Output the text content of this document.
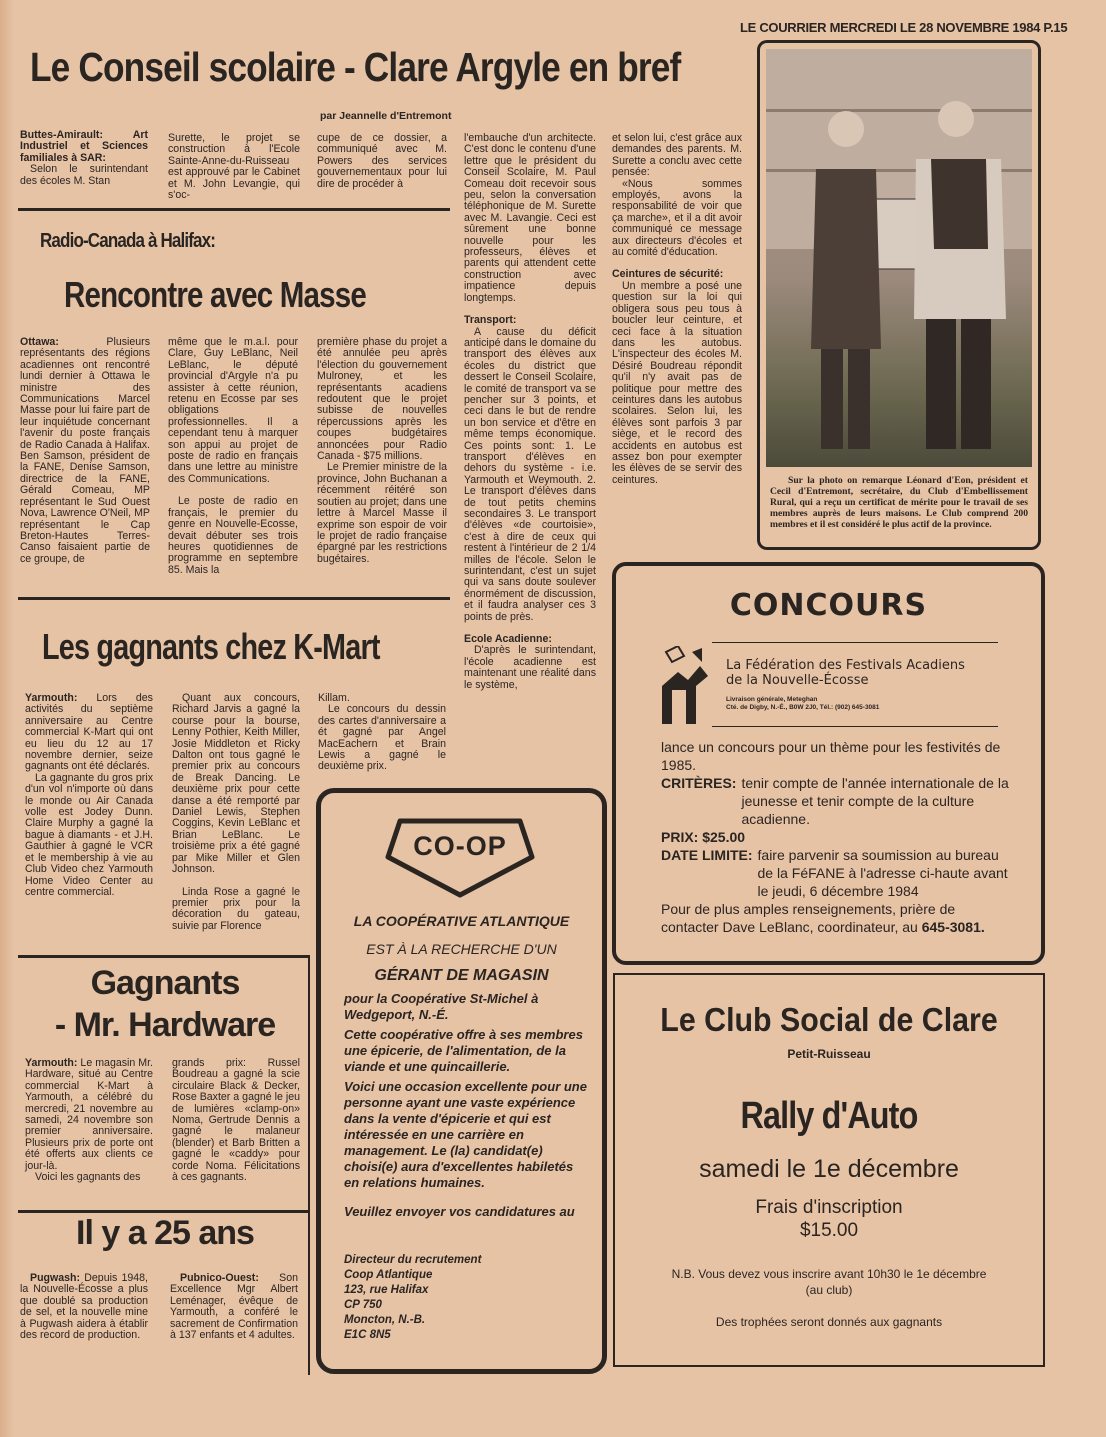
LE COURRIER MERCREDI LE 28 NOVEMBRE 1984 P.15
Le Conseil scolaire - Clare Argyle en bref
par Jeannelle d'Entremont

Buttes-Amirault: Art Industriel et Sciences familiales à SAR:

Selon le surintendant des écoles M. Stan

Surette, le projet se construction à l'Ecole Sainte-Anne-du-Ruisseau est approuvé par le Cabinet et M. John Levangie, qui s'oc-

cupe de ce dossier, a communiqué avec M. Powers des services gouvernementaux pour lui dire de procéder à

l'embauche d'un architecte. C'est donc le contenu d'une lettre que le président du Conseil Scolaire, M. Paul Comeau doit recevoir sous peu, selon la conversation téléphonique de M. Surette avec M. Lavangie. Ceci est sûrement une bonne nouvelle pour les professeurs, élèves et parents qui attendent cette construction avec impatience depuis longtemps.

Transport:

A cause du déficit anticipé dans le domaine du transport des élèves aux écoles du district que dessert le Conseil Scolaire, le comité de transport va se pencher sur 3 points, et ceci dans le but de rendre un bon service et d'être en même temps économique. Ces points sont: 1. Le transport d'élèves en dehors du système - i.e. Yarmouth et Weymouth. 2. Le transport d'élèves dans de tout petits chemins secondaires 3. Le transport d'élèves «de courtoisie», c'est à dire de ceux qui restent à l'intérieur de 2 1/4 milles de l'école. Selon le surintendant, c'est un sujet qui va sans doute soulever énormément de discussion, et il faudra analyser ces 3 points de près.

Ecole Acadienne:

D'après le surintendant, l'école acadienne est maintenant une réalité dans le système,

et selon lui, c'est grâce aux demandes des parents. M. Surette a conclu avec cette pensée:

«Nous sommes employés, avons la responsabilité de voir que ça marche», et il a dit avoir communiqué ce message aux directeurs d'écoles et au comité d'éducation.

Ceintures de sécurité:

Un membre a posé une question sur la loi qui obligera sous peu tous à boucler leur ceinture, et ceci face à la situation dans les autobus. L'inspecteur des écoles M. Désiré Boudreau répondit qu'il n'y avait pas de politique pour mettre des ceintures dans les autobus scolaires. Selon lui, les élèves sont parfois 3 par siège, et le record des accidents en autobus est assez bon pour exempter les élèves de se servir des ceintures.	Sur la photo on remarque Léonard d'Eon, président et Cecil d'Entremont, secrétaire, du Club d'Embellissement Rural, qui a reçu un certificat de mérite pour le travail de ses membres auprès de leurs maisons. Le Club comprend 200 membres et il est considéré le plus actif de la province.
Radio-Canada à Halifax:
Rencontre avec Masse

Ottawa:	Plusieurs représentants des régions acadiennes ont rencontré lundi dernier à Ottawa le ministre des Communications Marcel Masse pour lui faire part de leur inquiétude concernant l'avenir du poste français de Radio Canada à Halifax. Ben Samson, président de la FANE, Denise Samson, directrice de la FANE, Gérald Comeau, MP représentant le Sud Ouest Nova, Lawrence O'Neil, MP représentant le Cap Breton-Hautes Terres-Canso faisaient partie de ce groupe, de

même que le m.a.l. pour Clare, Guy LeBlanc, Neil LeBlanc, le député provincial d'Argyle n'a pu assister à cette réunion, retenu en Ecosse par ses obligations professionnelles. Il a cependant tenu à marquer son appui au projet de poste de radio en français dans une lettre au ministre des Communications.

Le poste de radio en français, le premier du genre en Nouvelle-Ecosse, devait débuter ses trois heures quotidiennes de programme en septembre 85. Mais la

première phase du projet a été annulée peu après l'élection du gouvernement Mulroney, et les représentants acadiens redoutent que le projet subisse de nouvelles répercussions après les coupes budgétaires annoncées pour Radio Canada - $75 millions.

Le Premier ministre de la province, John Buchanan a récemment réitéré son soutien au projet; dans une lettre à Marcel Masse il exprime son espoir de voir le projet de radio française épargné par les restrictions bugétaires.

Les gagnants chez K-Mart

Yarmouth: Lors des activités du septième anniversaire au Centre commercial K-Mart qui ont eu lieu du 12 au 17 novembre dernier, seize gagnants ont été déclarés.

La gagnante du gros prix d'un vol n'importe où dans le monde ou Air Canada volle est Jodey Dunn. Claire Murphy a gagné la bague à diamants - et J.H. Gauthier à gagné le VCR et le membership à vie au Club Video chez Yarmouth Home Video Center au centre commercial.

Quant aux concours, Richard Jarvis a gagné la course pour la bourse, Lenny Pothier, Keith Miller, Josie Middleton et Ricky Dalton ont tous gagné le premier prix au concours de Break Dancing. Le deuxième prix pour cette danse a été remporté par Daniel Lewis, Stephen Coggins, Kevin LeBlanc et Brian LeBlanc. Le troisième prix a été gagné par Mike Miller et Glen Johnson.

Linda Rose a gagné le premier prix pour la décoration du gateau, suivie par Florence

Killam.

Le concours du dessin des cartes d'anniversaire a ét gagné par Angel MacEachern et Brain Lewis a gagné le deuxième prix.

Gagnants
- Mr. Hardware

Yarmouth: Le magasin Mr. Hardware, situé au Centre commercial K-Mart à Yarmouth, a célébré du mercredi, 21 novembre au samedi, 24 novembre son premier anniversaire. Plusieurs prix de porte ont été offerts aux clients ce jour-là.

Voici les gagnants des

grands prix: Russel Boudreau a gagné la scie circulaire Black & Decker, Rose Baxter a gagné le jeu de lumières «clamp-on» Noma, Gertrude Dennis a gagné le malaneur (blender) et Barb Britten a gagné le «caddy» pour corde Noma. Félicitations à ces gagnants.

Il y a 25 ans

Pugwash: Depuis 1948, la Nouvelle-Écosse a plus que doublé sa production de sel, et la nouvelle mine à Pugwash aidera à établir des record de production.

Pubnico-Ouest: Son Excellence Mgr Albert Leménager, évêque de Yarmouth, a conféré le sacrement de Confirmation à 137 enfants et 4 adultes.

CO-OP
LA COOPÉRATIVE ATLANTIQUE
EST À LA RECHERCHE D'UN
GÉRANT DE MAGASIN
pour la Coopérative St-Michel à Wedgeport, N.-É.
Cette coopérative offre à ses membres une épicerie, de l'alimentation, de la viande et une quincaillerie.
Voici une occasion excellente pour une personne ayant une vaste expérience dans la vente d'épicerie et qui est intéressée en une carrière en management. Le (la) candidat(e) choisi(e) aura d'excellentes habiletés en relations humaines.
Veuillez envoyer vos candidatures au
Directeur du recrutement
Coop Atlantique
123, rue Halifax
CP 750
Moncton, N.-B.
E1C 8N5
CONCOURS
La Fédération des Festivals Acadiens
de la Nouvelle-Écosse
Livraison générale, Meteghan
Cté. de Digby, N.-É., B0W 2J0, Tél.: (902) 645-3081
lance un concours pour un thème pour les festivités de 1985.
CRITÈRES: tenir compte de l'année internationale de la jeunesse et tenir compte de la culture acadienne.
PRIX: $25.00
DATE LIMITE: faire parvenir sa soumission au bureau de la FéFANE à l'adresse ci-haute avant le jeudi, 6 décembre 1984
Pour de plus amples renseignements, prière de contacter Dave LeBlanc, coordinateur, au 645-3081.
Le Club Social de Clare
Petit-Ruisseau
Rally d'Auto
samedi le 1e décembre
Frais d'inscription
$15.00
N.B. Vous devez vous inscrire avant 10h30 le 1e décembre
(au club)
Des trophées seront donnés aux gagnants
